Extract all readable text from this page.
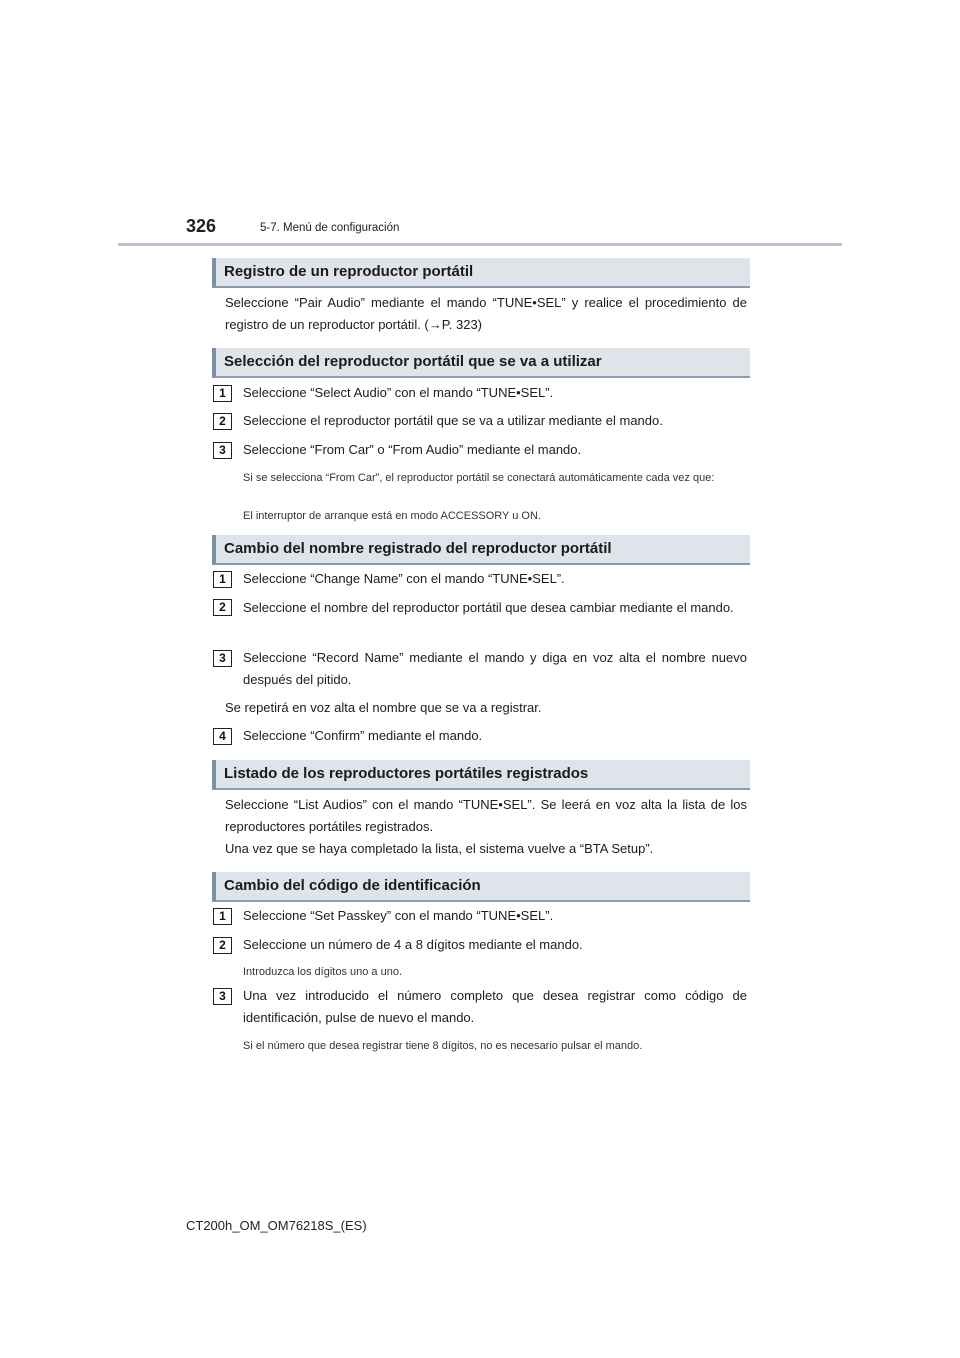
326	5-7. Menú de configuración
Registro de un reproductor portátil
Seleccione “Pair Audio” mediante el mando “TUNE•SEL” y realice el procedimiento de registro de un reproductor portátil. (→P. 323)
Selección del reproductor portátil que se va a utilizar
1	Seleccione “Select Audio” con el mando “TUNE•SEL”.
2	Seleccione el reproductor portátil que se va a utilizar mediante el mando.
3	Seleccione “From Car” o “From Audio” mediante el mando.
Si se selecciona “From Car”, el reproductor portátil se conectará automáticamente cada vez que:
El interruptor de arranque está en modo ACCESSORY u ON.
Cambio del nombre registrado del reproductor portátil
1	Seleccione “Change Name” con el mando “TUNE•SEL”.
2	Seleccione el nombre del reproductor portátil que desea cambiar mediante el mando.
3	Seleccione “Record Name” mediante el mando y diga en voz alta el nombre nuevo después del pitido.
Se repetirá en voz alta el nombre que se va a registrar.
4	Seleccione “Confirm” mediante el mando.
Listado de los reproductores portátiles registrados
Seleccione “List Audios” con el mando “TUNE•SEL”. Se leerá en voz alta la lista de los reproductores portátiles registrados.
Una vez que se haya completado la lista, el sistema vuelve a “BTA Setup”.
Cambio del código de identificación
1	Seleccione “Set Passkey” con el mando “TUNE•SEL”.
2	Seleccione un número de 4 a 8 dígitos mediante el mando.
Introduzca los dígitos uno a uno.
3	Una vez introducido el número completo que desea registrar como código de identificación, pulse de nuevo el mando.
Si el número que desea registrar tiene 8 dígitos, no es necesario pulsar el mando.
CT200h_OM_OM76218S_(ES)
